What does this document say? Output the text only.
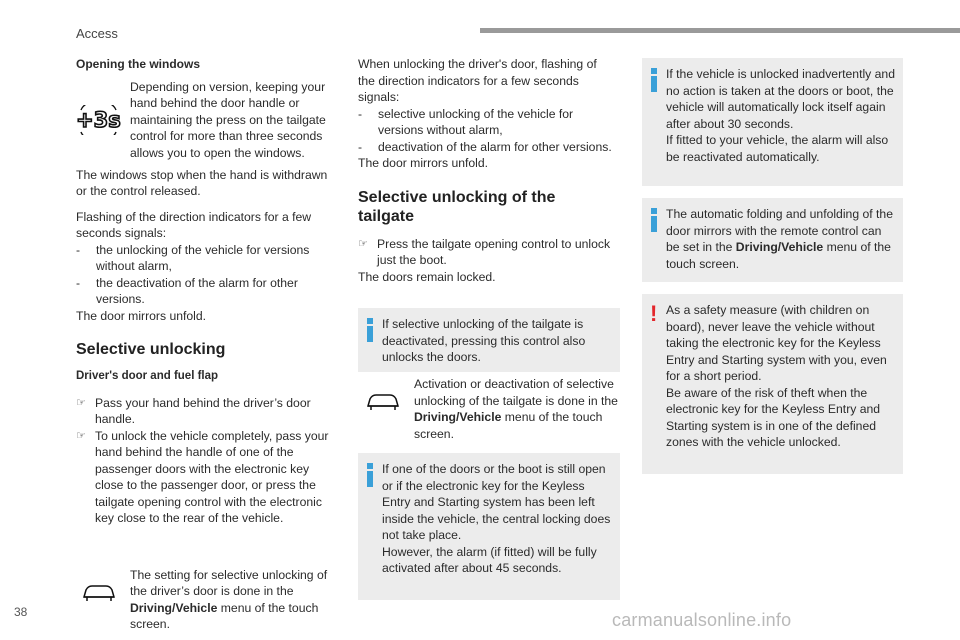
Access
38	carmanualsonline.info

Opening the windows

+3s

Depending on version, keeping your hand behind the door handle or maintaining the press on the tailgate control for more than three seconds allows you to open the windows.

The windows stop when the hand is withdrawn or the control released.

Flashing of the direction indicators for a few seconds signals:

- the unlocking of the vehicle for versions without alarm,
- the deactivation of the alarm for other versions.

The door mirrors unfold.

Selective unlocking

Driver's door and fuel flap

☞ Pass your hand behind the driver’s door handle.
☞ To unlock the vehicle completely, pass your hand behind the handle of one of the passenger doors with the electronic key close to the passenger door, or press the tailgate opening control with the electronic key close to the rear of the vehicle.

The setting for selective unlocking of the driver’s door is done in the Driving/Vehicle menu of the touch screen.

When unlocking the driver's door, flashing of the direction indicators for a few seconds signals:

- selective unlocking of the vehicle for versions without alarm,
- deactivation of the alarm for other versions.

The door mirrors unfold.

Selective unlocking of the tailgate

☞ Press the tailgate opening control to unlock just the boot.

The doors remain locked.

If selective unlocking of the tailgate is deactivated, pressing this control also unlocks the doors.

Activation or deactivation of selective unlocking of the tailgate is done in the Driving/Vehicle menu of the touch screen.

If one of the doors or the boot is still open or if the electronic key for the Keyless Entry and Starting system has been left inside the vehicle, the central locking does not take place.

However, the alarm (if fitted) will be fully activated after about 45 seconds.

If the vehicle is unlocked inadvertently and no action is taken at the doors or boot, the vehicle will automatically lock itself again after about 30 seconds.

If fitted to your vehicle, the alarm will also be reactivated automatically.

The automatic folding and unfolding of the door mirrors with the remote control can be set in the Driving/Vehicle menu of the touch screen.

! As a safety measure (with children on board), never leave the vehicle without taking the electronic key for the Keyless Entry and Starting system with you, even for a short period.

Be aware of the risk of theft when the electronic key for the Keyless Entry and Starting system is in one of the defined zones with the vehicle unlocked.
